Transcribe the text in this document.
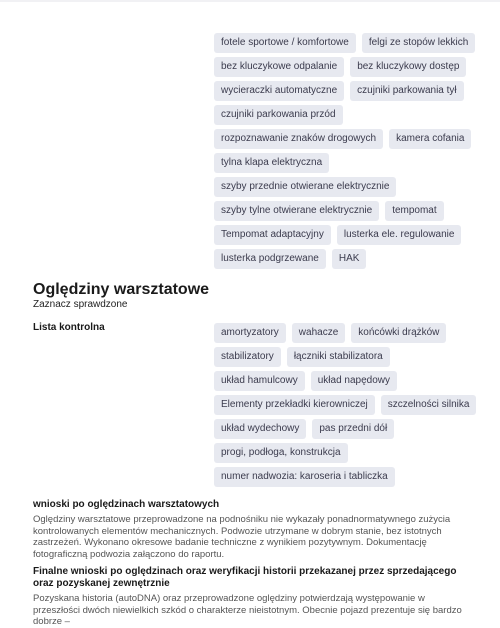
fotele sportowe / komfortowe	felgi ze stopów lekkich
bez kluczykowe odpalanie	bez kluczykowy dostęp
wycieraczki automatyczne	czujniki parkowania tył
czujniki parkowania przód
rozpoznawanie znaków drogowych	kamera cofania
tylna klapa elektryczna
szyby przednie otwierane elektrycznie
szyby tylne otwierane elektrycznie	tempomat
Tempomat adaptacyjny	lusterka ele. regulowanie
lusterka podgrzewane	HAK
Oględziny warsztatowe
Zaznacz sprawdzone
Lista kontrolna	amortyzatory	wahacze	końcówki drążków
stabilizatory	łączniki stabilizatora
układ hamulcowy	układ napędowy
Elementy przekładki kierowniczej	szczelności silnika
układ wydechowy	pas przedni dół
progi, podłoga, konstrukcja
numer nadwozia: karoseria i tabliczka
wnioski po oględzinach warsztatowych

Oględziny warsztatowe przeprowadzone na podnośniku nie wykazały ponadnormatywnego zużycia kontrolowanych elementów mechanicznych. Podwozie utrzymane w dobrym stanie, bez istotnych zastrzeżeń. Wykonano okresowe badanie techniczne z wynikiem pozytywnym. Dokumentację fotograficzną podwozia załączono do raportu.

Finalne wnioski po oględzinach oraz weryfikacji historii przekazanej przez sprzedającego oraz pozyskanej zewnętrznie

Pozyskana historia (autoDNA) oraz przeprowadzone oględziny potwierdzają występowanie w przeszłości dwóch niewielkich szkód o charakterze nieistotnym. Obecnie pojazd prezentuje się bardzo dobrze –
